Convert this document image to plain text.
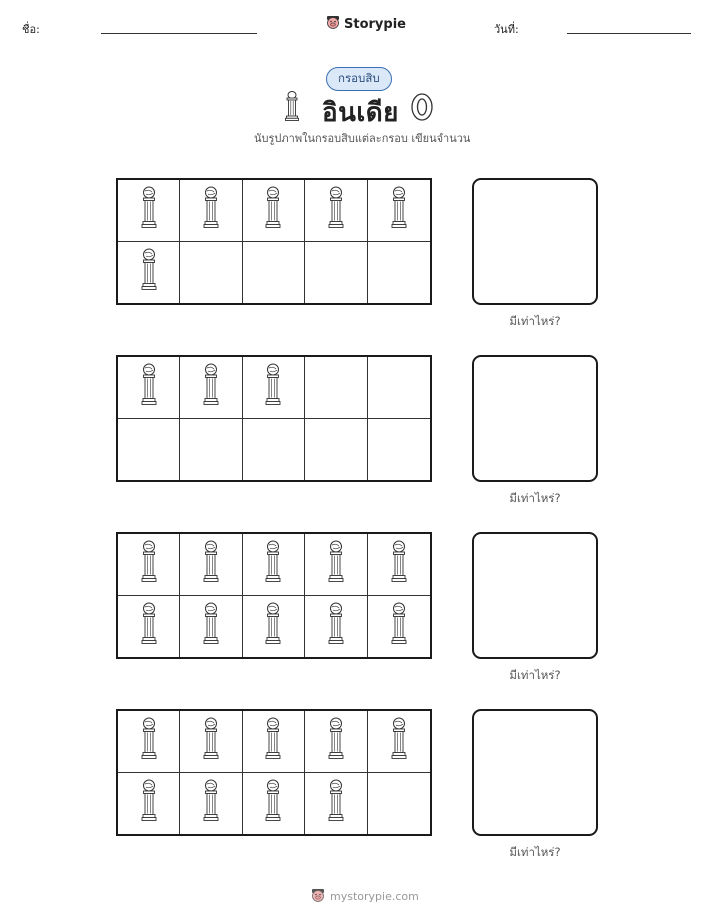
ชื่อ:	Storypie	วันที่:
กรอบสิบ
อินเดีย
นับรูปภาพในกรอบสิบแต่ละกรอบ เขียนจำนวน
มีเท่าไหร่?
มีเท่าไหร่?
มีเท่าไหร่?
มีเท่าไหร่?
mystorypie.com
